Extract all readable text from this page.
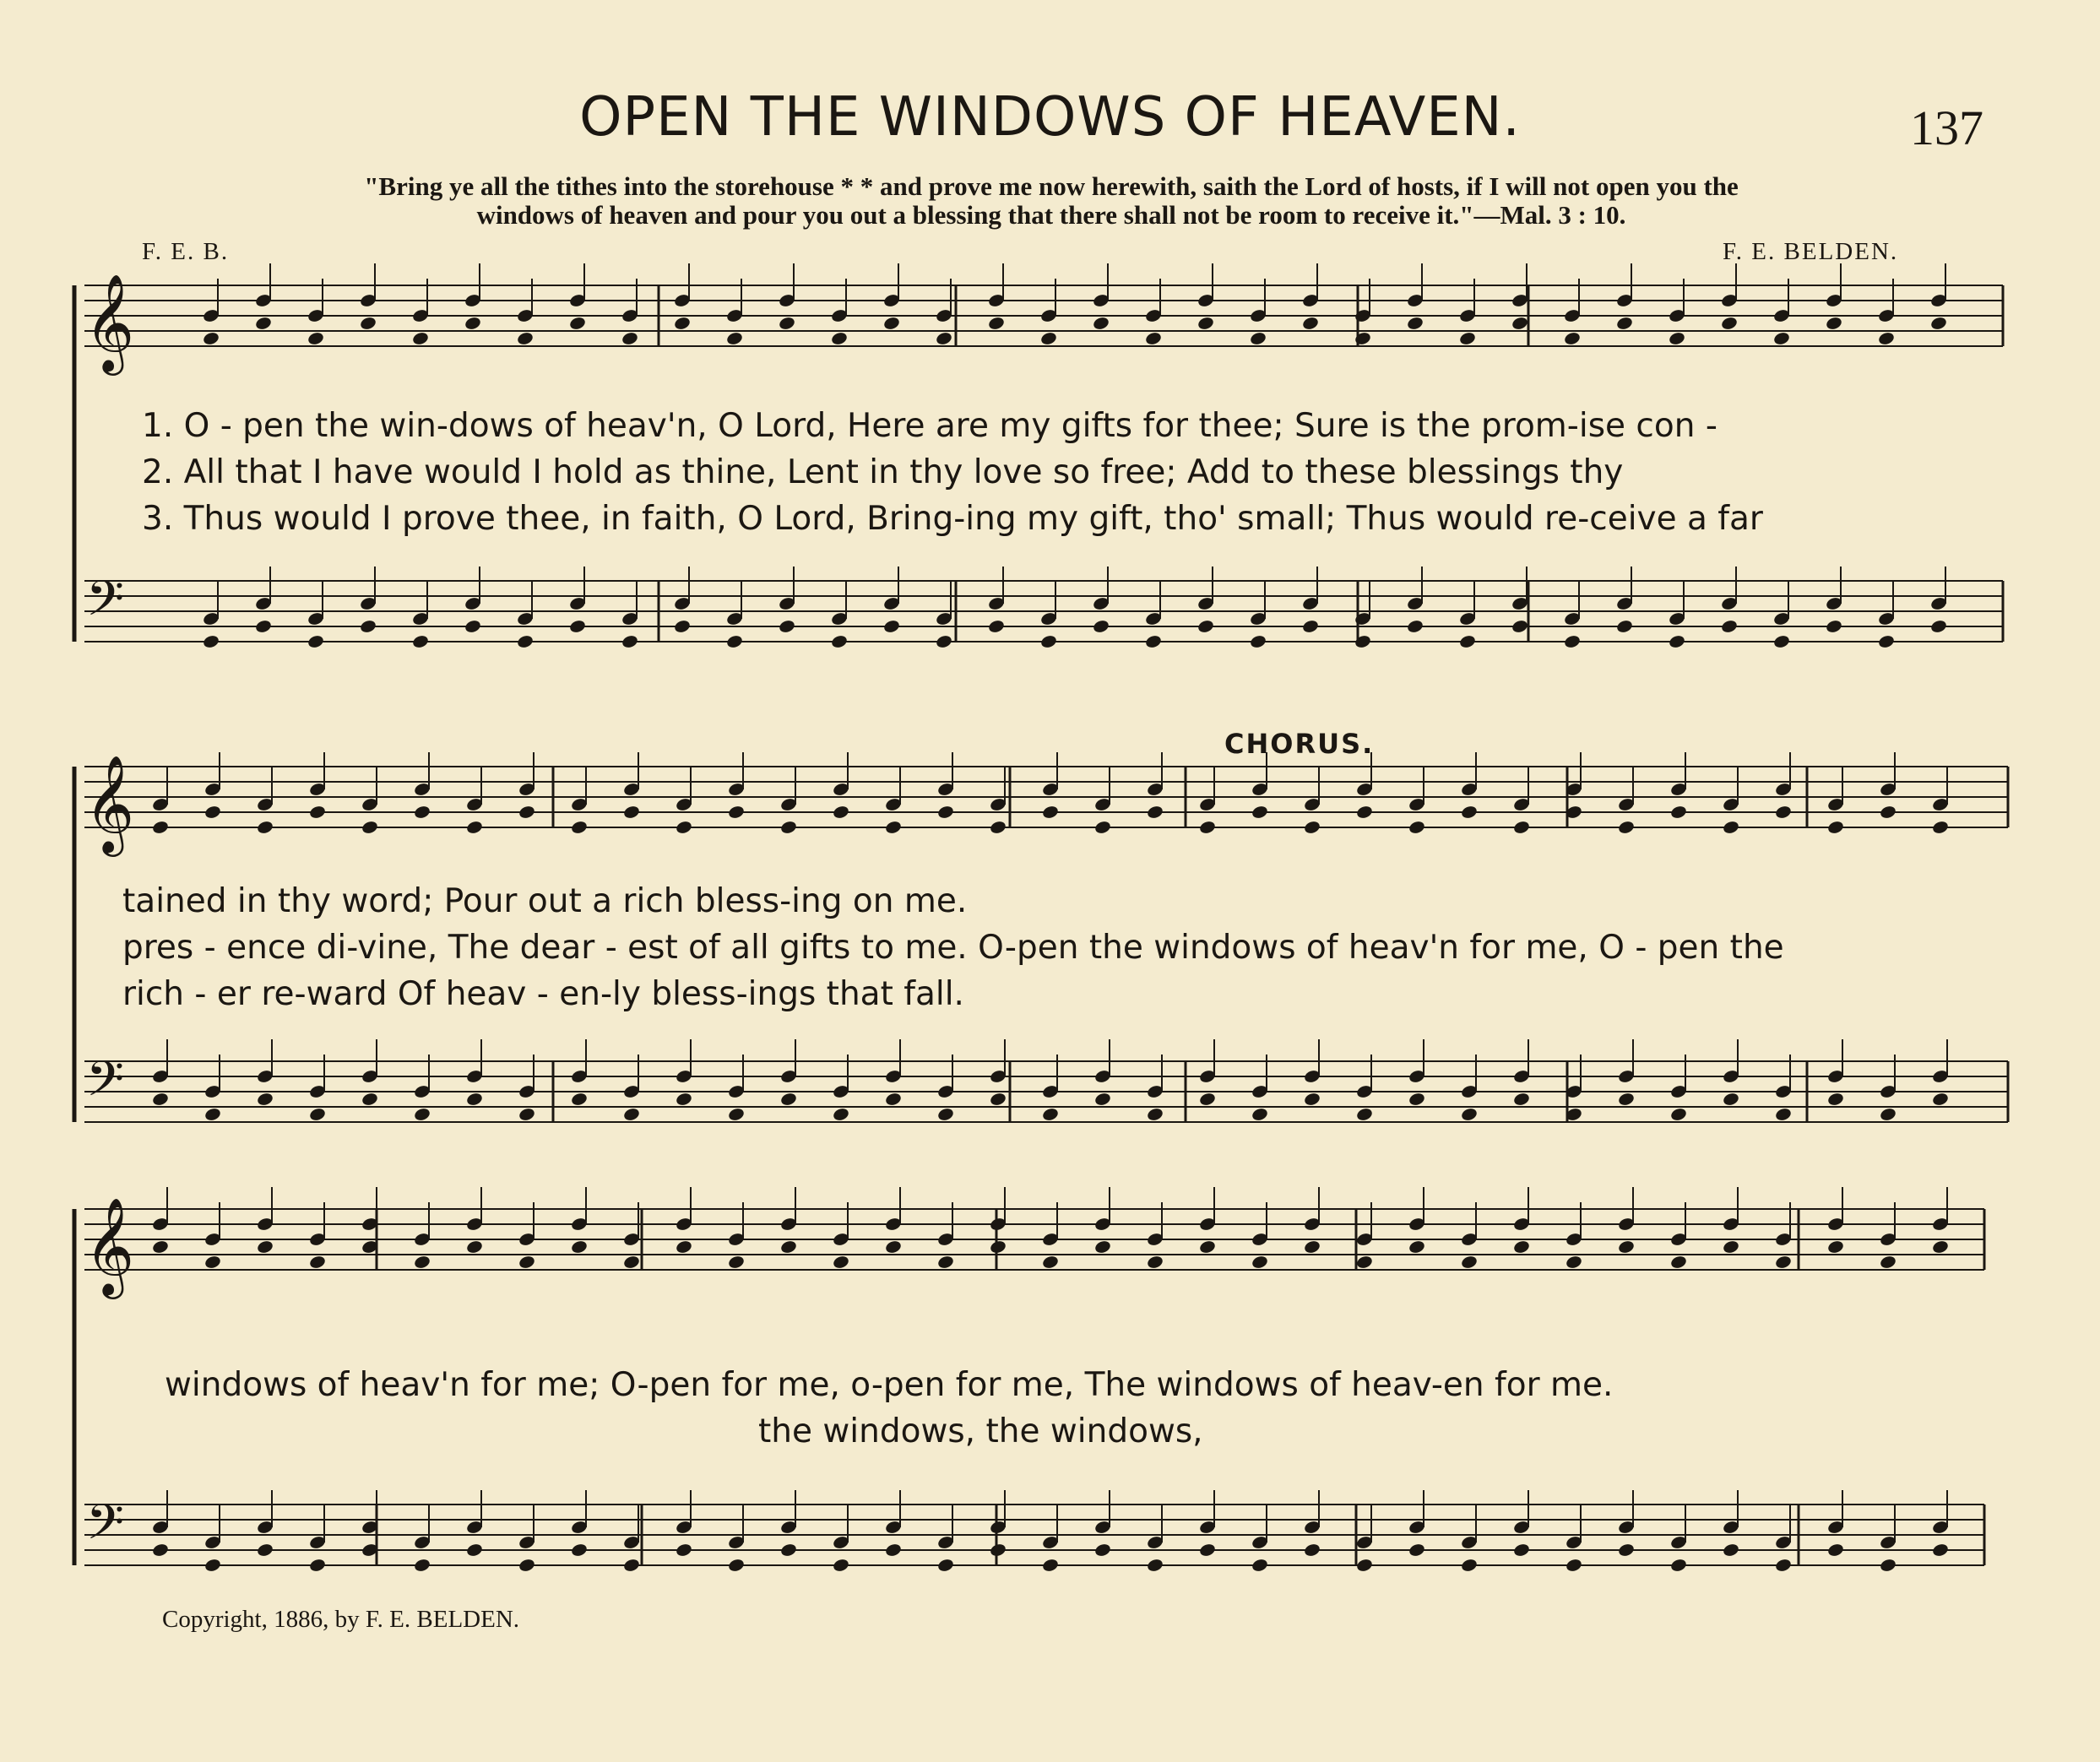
OPEN THE WINDOWS OF HEAVEN.	137
"Bring ye all the tithes into the storehouse * * and prove me now herewith, saith the Lord of hosts, if I will not open you the
windows of heaven and pour you out a blessing that there shall not be room to receive it."—Mal. 3 : 10.
F. E. B.	F. E. BELDEN.
𝄞
𝄢
𝄞
𝄢
𝄞
𝄢
1. O - pen the win-dows of heav'n, O Lord, Here are my gifts for thee; Sure is the prom-ise con -
2. All that I have would I hold as thine, Lent in thy love so free; Add to these blessings thy
3. Thus would I prove thee, in faith, O Lord, Bring-ing my gift, tho' small; Thus would re-ceive a far
CHORUS.
tained in thy word; Pour out a rich bless-ing on me.
pres - ence di-vine, The dear - est of all gifts to me. O-pen the windows of heav'n for me, O - pen the
rich - er re-ward Of heav - en-ly bless-ings that fall.
windows of heav'n for me; O-pen for me, o-pen for me, The windows of heav-en for me.
the windows, the windows,
Copyright, 1886, by F. E. BELDEN.
